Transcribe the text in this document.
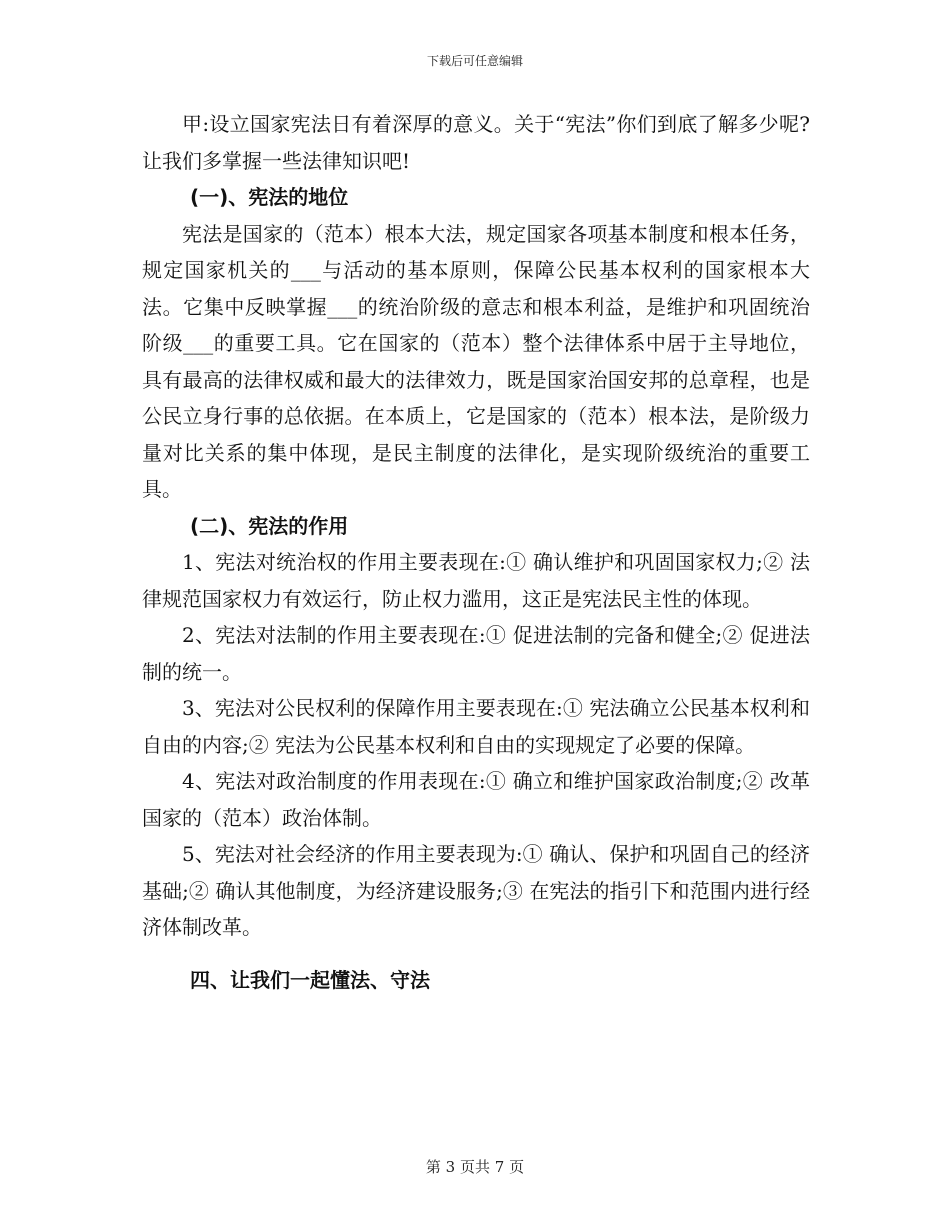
下载后可任意编辑

甲:设立国家宪法日有着深厚的意义。关于“宪法”你们到底了解多少呢?让我们多掌握一些法律知识吧!

(一)、宪法的地位

宪法是国家的（范本）根本大法，规定国家各项基本制度和根本任务，规定国家机关的___与活动的基本原则，保障公民基本权利的国家根本大法。它集中反映掌握___的统治阶级的意志和根本利益，是维护和巩固统治阶级___的重要工具。它在国家的（范本）整个法律体系中居于主导地位，具有最高的法律权威和最大的法律效力，既是国家治国安邦的总章程，也是公民立身行事的总依据。在本质上，它是国家的（范本）根本法，是阶级力量对比关系的集中体现，是民主制度的法律化，是实现阶级统治的重要工具。

(二)、宪法的作用

1、宪法对统治权的作用主要表现在:① 确认维护和巩固国家权力;② 法律规范国家权力有效运行，防止权力滥用，这正是宪法民主性的体现。

2、宪法对法制的作用主要表现在:① 促进法制的完备和健全;② 促进法制的统一。

3、宪法对公民权利的保障作用主要表现在:① 宪法确立公民基本权利和自由的内容;② 宪法为公民基本权利和自由的实现规定了必要的保障。

4、宪法对政治制度的作用表现在:① 确立和维护国家政治制度;② 改革国家的（范本）政治体制。

5、宪法对社会经济的作用主要表现为:① 确认、保护和巩固自己的经济基础;② 确认其他制度，为经济建设服务;③ 在宪法的指引下和范围内进行经济体制改革。

四、让我们一起懂法、守法

第 3 页共 7 页
